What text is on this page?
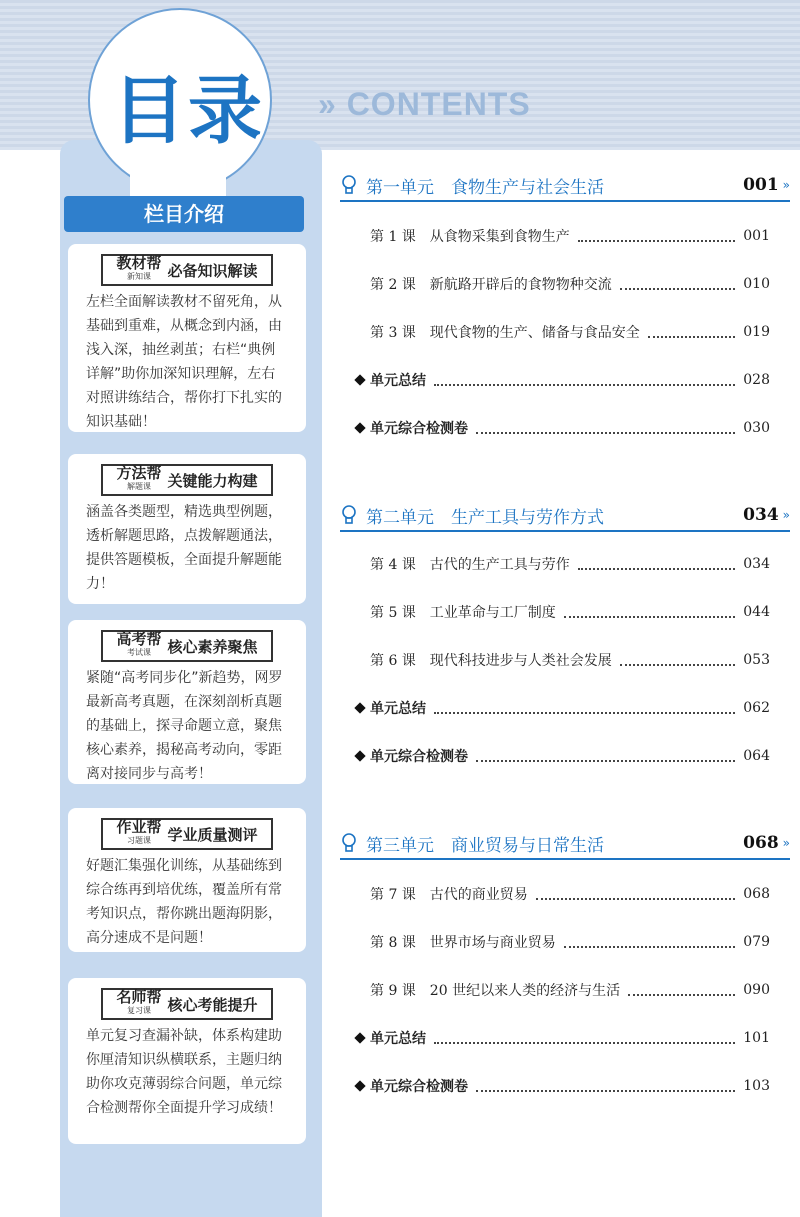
目录 » CONTENTS
栏目介绍
教材帮
新知课 必备知识解读
左栏全面解读教材不留死角，从基础到重难，从概念到内涵，由浅入深，抽丝剥茧；右栏“典例详解”助你加深知识理解，左右对照讲练结合，帮你打下扎实的知识基础！
方法帮
解题课 关键能力构建
涵盖各类题型，精选典型例题，透析解题思路，点拨解题通法，提供答题模板，全面提升解题能力！
高考帮
考试课 核心素养聚焦
紧随“高考同步化”新趋势，网罗最新高考真题，在深刻剖析真题的基础上，探寻命题立意，聚焦核心素养，揭秘高考动向，零距离对接同步与高考！
作业帮
习题课 学业质量测评
好题汇集强化训练，从基础练到综合练再到培优练，覆盖所有常考知识点，帮你跳出题海阴影，高分速成不是问题！
名师帮
复习课 核心考能提升
单元复习查漏补缺，体系构建助你厘清知识纵横联系，主题归纳助你攻克薄弱综合问题，单元综合检测帮你全面提升学习成绩！
第一单元　食物生产与社会生活	001 »
第 1 课　从食物采集到食物生产	001
第 2 课　新航路开辟后的食物物种交流	010
第 3 课　现代食物的生产、储备与食品安全	019
单元总结	028
单元综合检测卷	030
第二单元　生产工具与劳作方式	034 »
第 4 课　古代的生产工具与劳作	034
第 5 课　工业革命与工厂制度	044
第 6 课　现代科技进步与人类社会发展	053
单元总结	062
单元综合检测卷	064
第三单元　商业贸易与日常生活	068 »
第 7 课　古代的商业贸易	068
第 8 课　世界市场与商业贸易	079
第 9 课　20 世纪以来人类的经济与生活	090
单元总结	101
单元综合检测卷	103
